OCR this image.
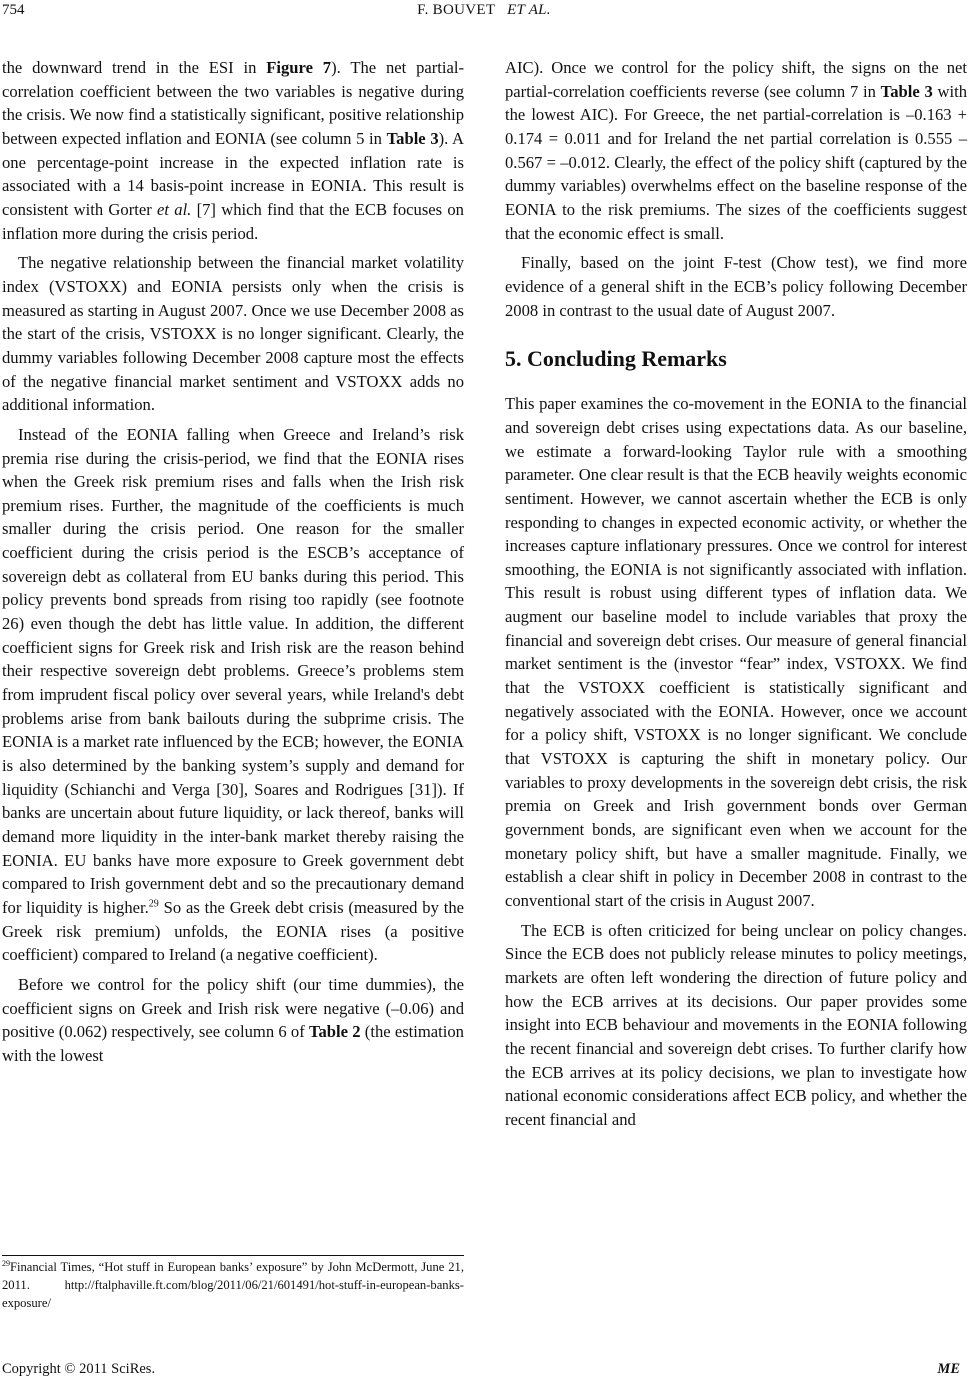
754	F. BOUVET ET AL.

the downward trend in the ESI in Figure 7). The net partial-correlation coefficient between the two variables is negative during the crisis. We now find a statistically significant, positive relationship between expected inflation and EONIA (see column 5 in Table 3). A one percentage-point increase in the expected inflation rate is associated with a 14 basis-point increase in EONIA. This result is consistent with Gorter et al. [7] which find that the ECB focuses on inflation more during the crisis period.

The negative relationship between the financial market volatility index (VSTOXX) and EONIA persists only when the crisis is measured as starting in August 2007. Once we use December 2008 as the start of the crisis, VSTOXX is no longer significant. Clearly, the dummy variables following December 2008 capture most the effects of the negative financial market sentiment and VSTOXX adds no additional information.

Instead of the EONIA falling when Greece and Ireland’s risk premia rise during the crisis-period, we find that the EONIA rises when the Greek risk premium rises and falls when the Irish risk premium rises. Further, the magnitude of the coefficients is much smaller during the crisis period. One reason for the smaller coefficient during the crisis period is the ESCB’s acceptance of sovereign debt as collateral from EU banks during this period. This policy prevents bond spreads from rising too rapidly (see footnote 26) even though the debt has little value. In addition, the different coefficient signs for Greek risk and Irish risk are the reason behind their respective sovereign debt problems. Greece’s problems stem from imprudent fiscal policy over several years, while Ireland's debt problems arise from bank bailouts during the subprime crisis. The EONIA is a market rate influenced by the ECB; however, the EONIA is also determined by the banking system’s supply and demand for liquidity (Schianchi and Verga [30], Soares and Rodrigues [31]). If banks are uncertain about future liquidity, or lack thereof, banks will demand more liquidity in the inter-bank market thereby raising the EONIA. EU banks have more exposure to Greek government debt compared to Irish government debt and so the precautionary demand for liquidity is higher.$^{29}$ So as the Greek debt crisis (measured by the Greek risk premium) unfolds, the EONIA rises (a positive coefficient) compared to Ireland (a negative coefficient).

Before we control for the policy shift (our time dummies), the coefficient signs on Greek and Irish risk were negative (–0.06) and positive (0.062) respectively, see column 6 of Table 2 (the estimation with the lowest

$^{29}$Financial Times, “Hot stuff in European banks’ exposure” by John McDermott, June 21, 2011. http://ftalphaville.ft.com/blog/2011/06/21/601491/hot-stuff-in-european-banks-exposure/

AIC). Once we control for the policy shift, the signs on the net partial-correlation coefficients reverse (see column 7 in Table 3 with the lowest AIC). For Greece, the net partial-correlation is –0.163 + 0.174 = 0.011 and for Ireland the net partial correlation is 0.555 – 0.567 = –0.012. Clearly, the effect of the policy shift (captured by the dummy variables) overwhelms effect on the baseline response of the EONIA to the risk premiums. The sizes of the coefficients suggest that the economic effect is small.

Finally, based on the joint F-test (Chow test), we find more evidence of a general shift in the ECB’s policy following December 2008 in contrast to the usual date of August 2007.

5. Concluding Remarks

This paper examines the co-movement in the EONIA to the financial and sovereign debt crises using expectations data. As our baseline, we estimate a forward-looking Taylor rule with a smoothing parameter. One clear result is that the ECB heavily weights economic sentiment. However, we cannot ascertain whether the ECB is only responding to changes in expected economic activity, or whether the increases capture inflationary pressures. Once we control for interest smoothing, the EONIA is not significantly associated with inflation. This result is robust using different types of inflation data. We augment our baseline model to include variables that proxy the financial and sovereign debt crises. Our measure of general financial market sentiment is the (investor “fear” index, VSTOXX. We find that the VSTOXX coefficient is statistically significant and negatively associated with the EONIA. However, once we account for a policy shift, VSTOXX is no longer significant. We conclude that VSTOXX is capturing the shift in monetary policy. Our variables to proxy developments in the sovereign debt crisis, the risk premia on Greek and Irish government bonds over German government bonds, are significant even when we account for the monetary policy shift, but have a smaller magnitude. Finally, we establish a clear shift in policy in December 2008 in contrast to the conventional start of the crisis in August 2007.

The ECB is often criticized for being unclear on policy changes. Since the ECB does not publicly release minutes to policy meetings, markets are often left wondering the direction of future policy and how the ECB arrives at its decisions. Our paper provides some insight into ECB behaviour and movements in the EONIA following the recent financial and sovereign debt crises. To further clarify how the ECB arrives at its policy decisions, we plan to investigate how national economic considerations affect ECB policy, and whether the recent financial and

Copyright © 2011 SciRes.	ME
